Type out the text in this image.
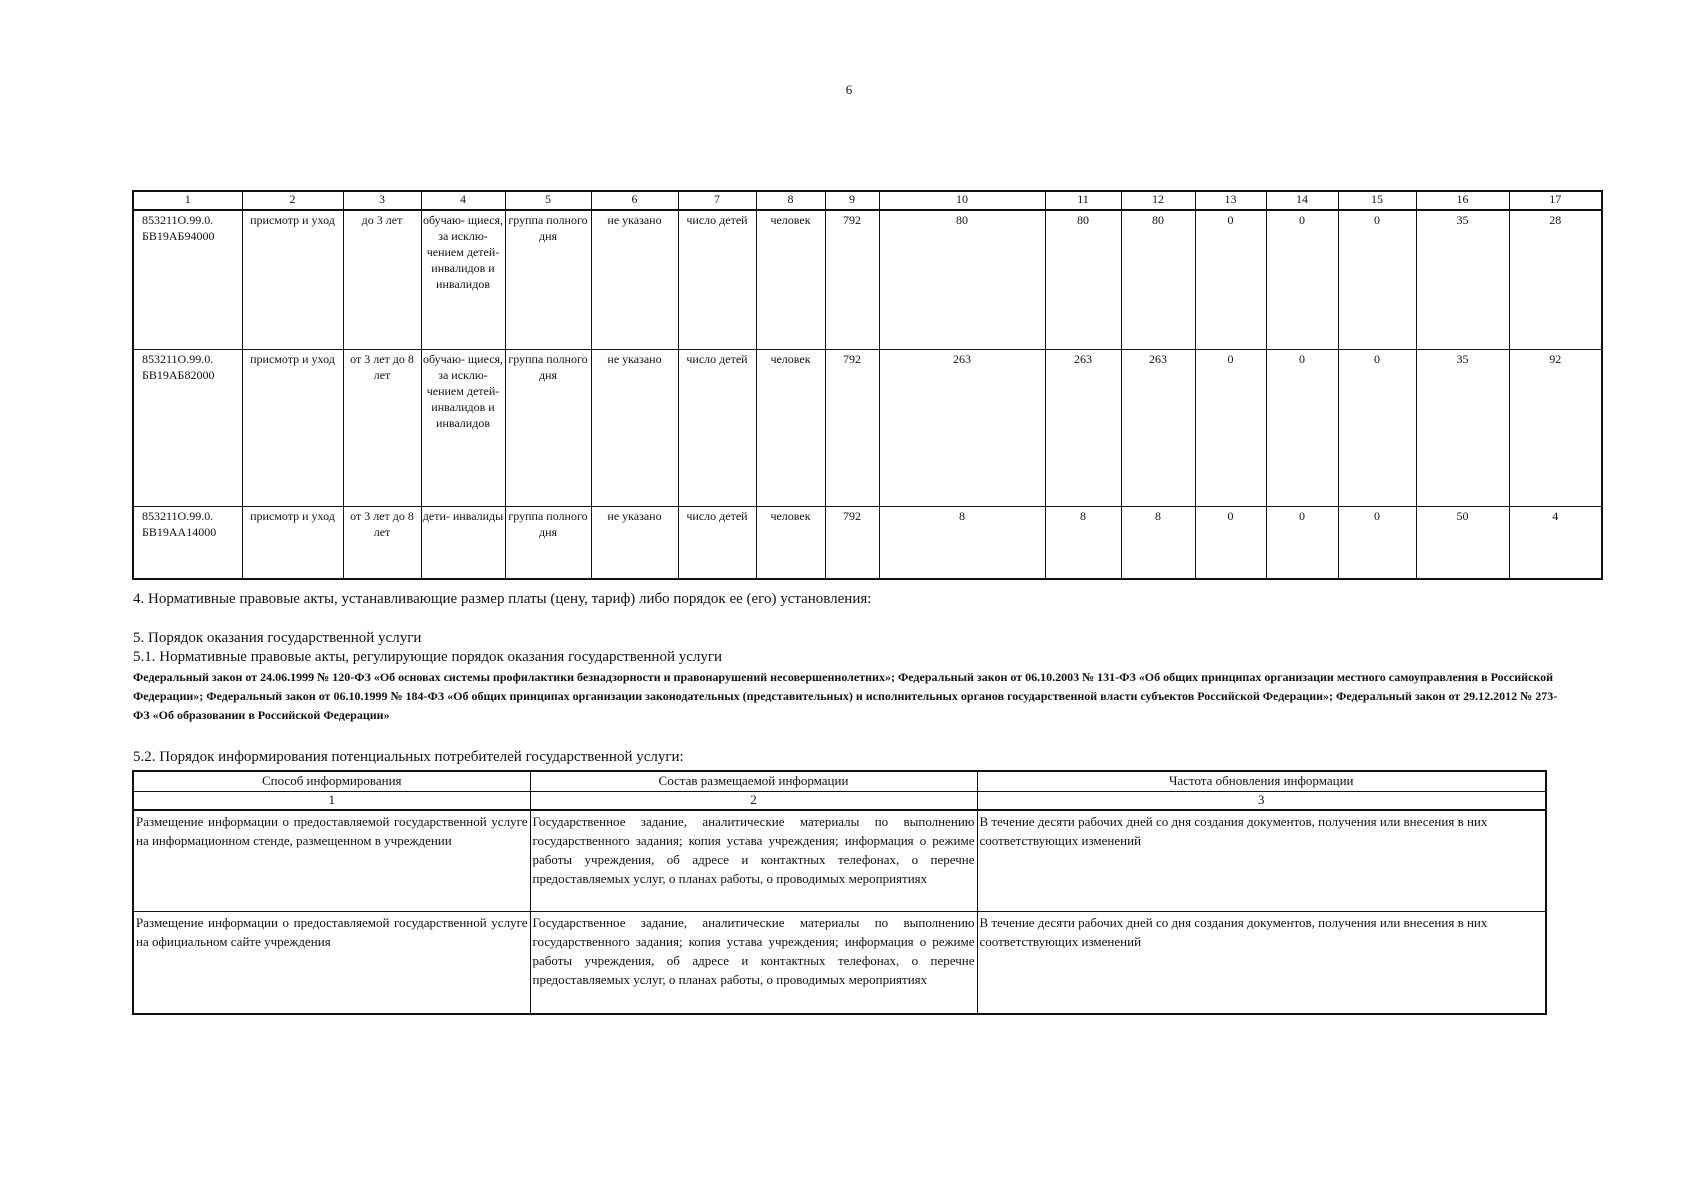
6
1	2	3	4	5	6	7	8	9	10	11	12	13	14	15	16	17
853211О.99.0. БВ19АБ94000	присмотр и уход	до 3 лет	обучаю- щиеся, за исклю- чением детей- инвалидов и инвалидов	группа полного дня	не указано	число детей	человек	792	80	80	80	0	0	0	35	28
853211О.99.0. БВ19АБ82000	присмотр и уход	от 3 лет до 8 лет	обучаю- щиеся, за исклю- чением детей- инвалидов и инвалидов	группа полного дня	не указано	число детей	человек	792	263	263	263	0	0	0	35	92
853211О.99.0. БВ19АА14000	присмотр и уход	от 3 лет до 8 лет	дети- инвалиды	группа полного дня	не указано	число детей	человек	792	8	8	8	0	0	0	50	4
4. Нормативные правовые акты, устанавливающие размер платы (цену, тариф) либо порядок ее (его) установления:
5. Порядок оказания государственной услуги
5.1. Нормативные правовые акты, регулирующие порядок оказания государственной услуги
Федеральный закон от 24.06.1999 № 120-ФЗ «Об основах системы профилактики безнадзорности и правонарушений несовершеннолетних»; Федеральный закон от 06.10.2003 № 131-ФЗ «Об общих принципах организации местного самоуправления в Российской Федерации»; Федеральный закон от 06.10.1999 № 184-ФЗ «Об общих принципах организации законодательных (представительных) и исполнительных органов государственной власти субъектов Российской Федерации»; Федеральный закон от 29.12.2012 № 273-ФЗ «Об образовании в Российской Федерации»
5.2. Порядок информирования потенциальных потребителей государственной услуги:
Способ информирования	Состав размещаемой информации	Частота обновления информации
1	2	3
Размещение информации о предоставляемой государственной услуге на информационном стенде, размещенном в учреждении	Государственное задание, аналитические материалы по выполнению государственного задания; копия устава учреждения; информация о режиме работы учреждения, об адресе и контактных телефонах, о перечне предоставляемых услуг, о планах работы, о проводимых мероприятиях	В течение десяти рабочих дней со дня создания документов, получения или внесения в них соответствующих изменений
Размещение информации о предоставляемой государственной услуге на официальном сайте учреждения	Государственное задание, аналитические материалы по выполнению государственного задания; копия устава учреждения; информация о режиме работы учреждения, об адресе и контактных телефонах, о перечне предоставляемых услуг, о планах работы, о проводимых мероприятиях	В течение десяти рабочих дней со дня создания документов, получения или внесения в них соответствующих изменений
